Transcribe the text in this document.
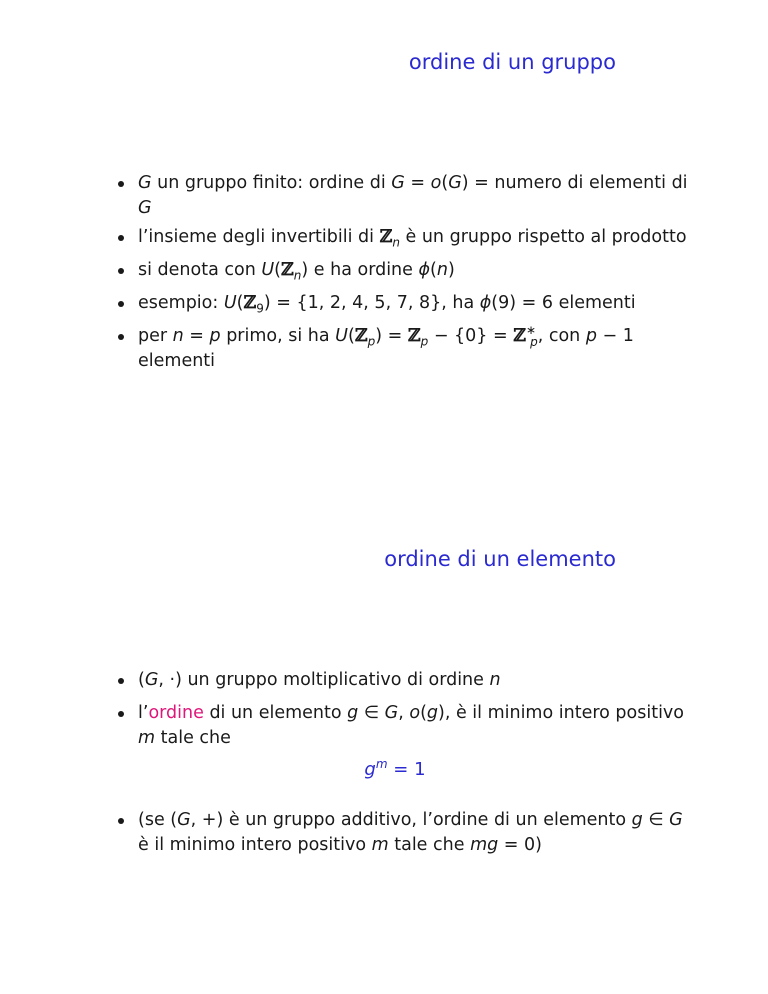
ordine di un gruppo
G un gruppo finito: ordine di G = o(G) = numero di elementi di G
l’insieme degli invertibili di ℤ$_n$ è un gruppo rispetto al prodotto
si denota con U(ℤ$_n$) e ha ordine ϕ(n)
esempio: U(ℤ$_9$) = {1, 2, 4, 5, 7, 8}, ha ϕ(9) = 6 elementi
per n = p primo, si ha U(ℤ$_p$) = ℤ$_p$ − {0} = ℤ∗$_p$, con p − 1 elementi
ordine di un elemento
(G, ·) un gruppo moltiplicativo di ordine n
l’ordine di un elemento g ∈ G, o(g), è il minimo intero positivo m tale che
$g^m = 1$
(se (G, +) è un gruppo additivo, l’ordine di un elemento g ∈ G è il minimo intero positivo m tale che mg = 0)
